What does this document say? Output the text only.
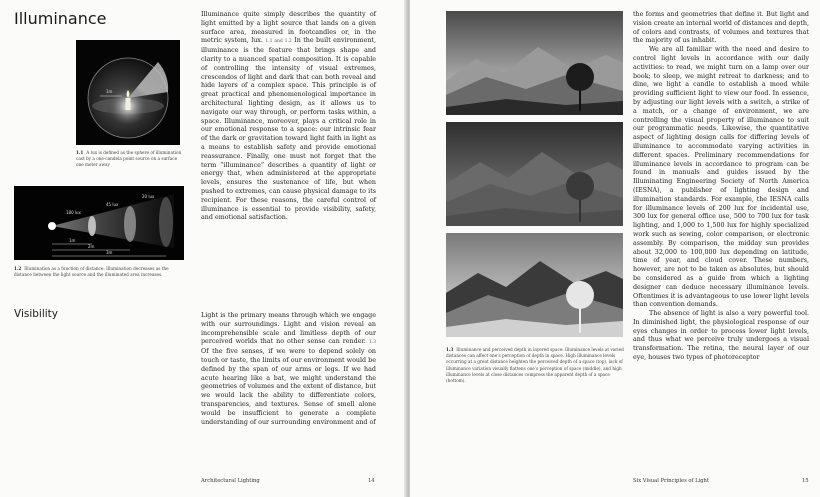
Illuminance
1m
1.1 A lux is defined as the sphere of illumination cast by a one-candela point source on a surface one meter away
180 lux
45 lux
20 lux
1m
2m
3m
1.2 Illumination as a function of distance: Illumination decreases as the distance between the light source and the illuminated area increases.
Visibility

Illuminance quite simply describes the quantity of light emitted by a light source that lands on a given surface area, measured in footcandles or, in the metric system, lux. 1.1 and 1.2 In the built environment, illuminance is the feature that brings shape and clarity to a nuanced spatial composition. It is capable of controlling the intensity of visual extremes, crescendos of light and dark that can both reveal and hide layers of a complex space. This principle is of great practical and phenomenological importance in architectural lighting design, as it allows us to navigate our way through, or perform tasks within, a space. Illuminance, moreover, plays a critical role in our emotional response to a space: our intrinsic fear of the dark or gravitation toward light faith in light as a means to establish safety and provide emotional reassurance. Finally, one must not forget that the term “illuminance” describes a quantity of light or energy that, when administered at the appropriate levels, ensures the sustenance of life, but when pushed to extremes, can cause physical damage to its recipient. For these reasons, the careful control of illuminance is essential to provide visibility, safety, and emotional satisfaction.

Light is the primary means through which we engage with our surroundings. Light and vision reveal an incomprehensible scale and limitless depth of our perceived worlds that no other sense can render. 1.3 Of the five senses, if we were to depend solely on touch or taste, the limits of our environment would be defined by the span of our arms or legs. If we had acute hearing like a bat, we might understand the geometries of volumes and the extent of distance, but we would lack the ability to differentiate colors, transparencies, and textures. Sense of smell alone would be insufficient to generate a complete understanding of our surrounding environment and of

Architectural Lighting	14
1.3 Illuminance and perceived depth in layered space: Illuminance levels at varied distances can affect one’s perception of depth in space. High illuminance levels occurring at a great distance heighten the perceived depth of a space (top), lack of illuminance variation visually flattens one’s perception of space (middle), and high illuminance levels at close distances compress the apparent depth of a space (bottom).

the forms and geometries that define it. But light and vision create an internal world of distances and depth, of colors and contrasts, of volumes and textures that the majority of us inhabit.

We are all familiar with the need and desire to control light levels in accordance with our daily activities: to read, we might turn on a lamp over our book; to sleep, we might retreat to darkness; and to dine, we light a candle to establish a mood while providing sufficient light to view our food. In essence, by adjusting our light levels with a switch, a strike of a match, or a change of environment, we are controlling the visual property of illuminance to suit our programmatic needs. Likewise, the quantitative aspect of lighting design calls for differing levels of illuminance to accommodate varying activities in different spaces. Preliminary recommendations for illuminance levels in accordance to program can be found in manuals and guides issued by the Illuminating Engineering Society of North America (IESNA), a publisher of lighting design and illumination standards. For example, the IESNA calls for illuminance levels of 200 lux for incidental use, 300 lux for general office use, 500 to 700 lux for task lighting, and 1,000 to 1,500 lux for highly specialized work such as sewing, color comparison, or electronic assembly. By comparison, the midday sun provides about 32,000 to 100,000 lux depending on latitude, time of year, and cloud cover. These numbers, however, are not to be taken as absolutes, but should be considered as a guide from which a lighting designer can deduce necessary illuminance levels. Oftentimes it is advantageous to use lower light levels than convention demands.

The absence of light is also a very powerful tool. In diminished light, the physiological response of our eyes changes in order to process lower light levels, and thus what we perceive truly undergoes a visual transformation. The retina, the neural layer of our eye, houses two types of photoreceptor

Six Visual Principles of Light	15
